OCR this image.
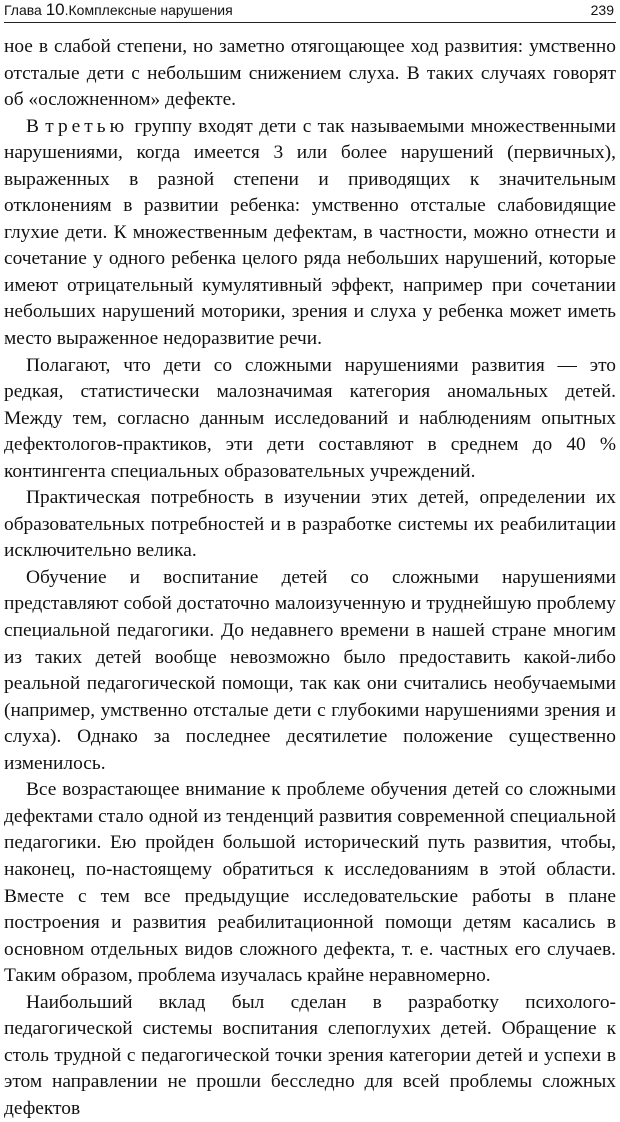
Глава 10.Комплексные нарушения	239

ное в слабой степени, но заметно отягощающее ход развития: умственно отсталые дети с небольшим снижением слуха. В таких случаях говорят об «осложненном» дефекте.

В третью группу входят дети с так называемыми множественными нарушениями, когда имеется 3 или более нарушений (первичных), выраженных в разной степени и приводящих к значительным отклонениям в развитии ребенка: умственно отсталые слабовидящие глухие дети. К множественным дефектам, в частности, можно отнести и сочетание у одного ребенка целого ряда небольших нарушений, которые имеют отрицательный кумулятивный эффект, например при сочетании небольших нарушений моторики, зрения и слуха у ребенка может иметь место выраженное недоразвитие речи.

Полагают, что дети со сложными нарушениями развития — это редкая, статистически малозначимая категория аномальных детей. Между тем, согласно данным исследований и наблюдениям опытных дефектологов-практиков, эти дети составляют в среднем до 40 % контингента специальных образовательных учреждений.

Практическая потребность в изучении этих детей, определении их образовательных потребностей и в разработке системы их реабилитации исключительно велика.

Обучение и воспитание детей со сложными нарушениями представляют собой достаточно малоизученную и труднейшую проблему специальной педагогики. До недавнего времени в нашей стране многим из таких детей вообще невозможно было предоставить какой-либо реальной педагогической помощи, так как они считались необучаемыми (например, умственно отсталые дети с глубокими нарушениями зрения и слуха). Однако за последнее десятилетие положение существенно изменилось.

Все возрастающее внимание к проблеме обучения детей со сложными дефектами стало одной из тенденций развития современной специальной педагогики. Ею пройден большой исторический путь развития, чтобы, наконец, по-настоящему обратиться к исследованиям в этой области. Вместе с тем все предыдущие исследовательские работы в плане построения и развития реабилитационной помощи детям касались в основном отдельных видов сложного дефекта, т. е. частных его случаев. Таким образом, проблема изучалась крайне неравномерно.

Наибольший вклад был сделан в разработку психолого-педагогической системы воспитания слепоглухих детей. Обращение к столь трудной с педагогической точки зрения категории детей и успехи в этом направлении не прошли бесследно для всей проблемы сложных дефектов
